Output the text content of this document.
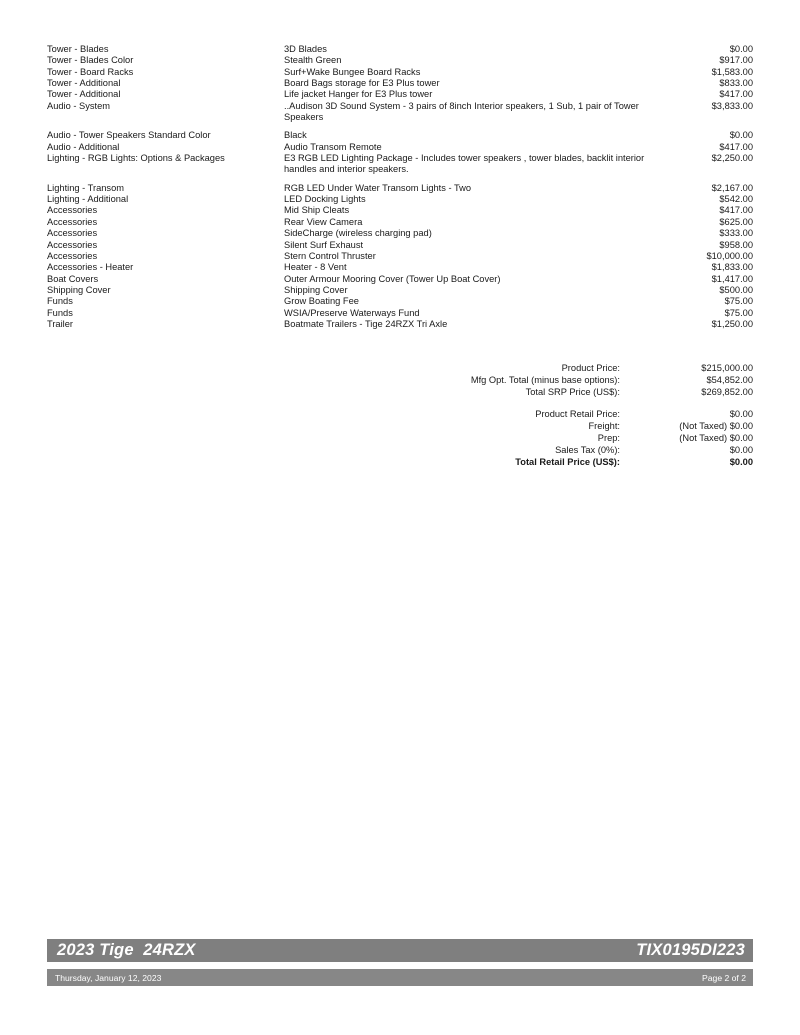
Tower - Blades	3D Blades	$0.00
Tower - Blades Color	Stealth Green	$917.00
Tower - Board Racks	Surf+Wake Bungee Board Racks	$1,583.00
Tower - Additional	Board Bags storage for E3 Plus tower	$833.00
Tower - Additional	Life jacket Hanger for E3 Plus tower	$417.00
Audio - System	..Audison 3D Sound System - 3 pairs of 8inch Interior speakers, 1 Sub, 1 pair of Tower Speakers	$3,833.00

Audio - Tower Speakers Standard Color	Black	$0.00
Audio - Additional	Audio Transom Remote	$417.00
Lighting - RGB Lights: Options & Packages	E3 RGB LED Lighting Package - Includes tower speakers , tower blades, backlit interior handles and interior speakers.	$2,250.00

Lighting - Transom	RGB LED Under Water Transom Lights - Two	$2,167.00
Lighting - Additional	LED Docking Lights	$542.00
Accessories	Mid Ship Cleats	$417.00
Accessories	Rear View Camera	$625.00
Accessories	SideCharge (wireless charging pad)	$333.00
Accessories	Silent Surf Exhaust	$958.00
Accessories	Stern Control Thruster	$10,000.00
Accessories - Heater	Heater - 8 Vent	$1,833.00
Boat Covers	Outer Armour Mooring Cover (Tower Up Boat Cover)	$1,417.00
Shipping Cover	Shipping Cover	$500.00
Funds	Grow Boating Fee	$75.00
Funds	WSIA/Preserve Waterways Fund	$75.00
Trailer	Boatmate Trailers - Tige 24RZX Tri Axle	$1,250.00
Product Price:	$215,000.00
Mfg Opt. Total (minus base options):	$54,852.00
Total SRP Price (US$):	$269,852.00

Product Retail Price:	$0.00
Freight:	(Not Taxed) $0.00
Prep:	(Not Taxed) $0.00
Sales Tax (0%):	$0.00
Total Retail Price (US$):	$0.00
2023 Tige  24RZX	TIX0195DI223
Thursday, January 12, 2023	Page 2 of 2
